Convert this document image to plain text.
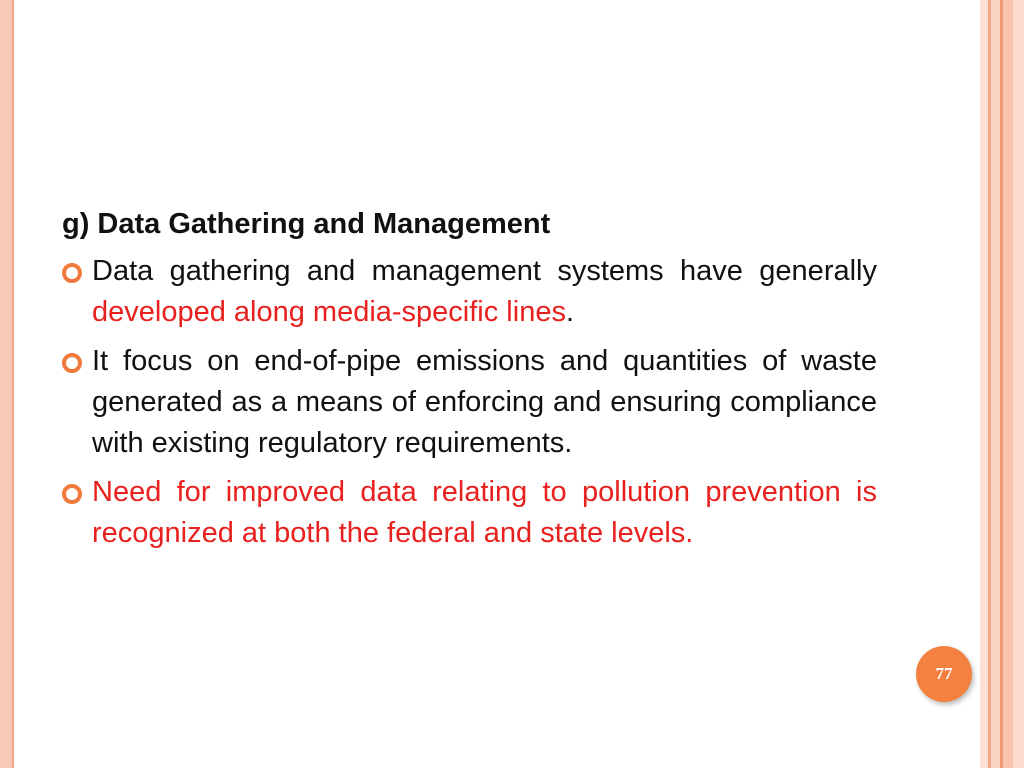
g) Data Gathering and Management
Data gathering and management systems have generally developed along media-specific lines.
It focus on end-of-pipe emissions and quantities of waste generated as a means of enforcing and ensuring compliance with existing regulatory requirements.
Need for improved data relating to pollution prevention is recognized at both the federal and state levels.
77
